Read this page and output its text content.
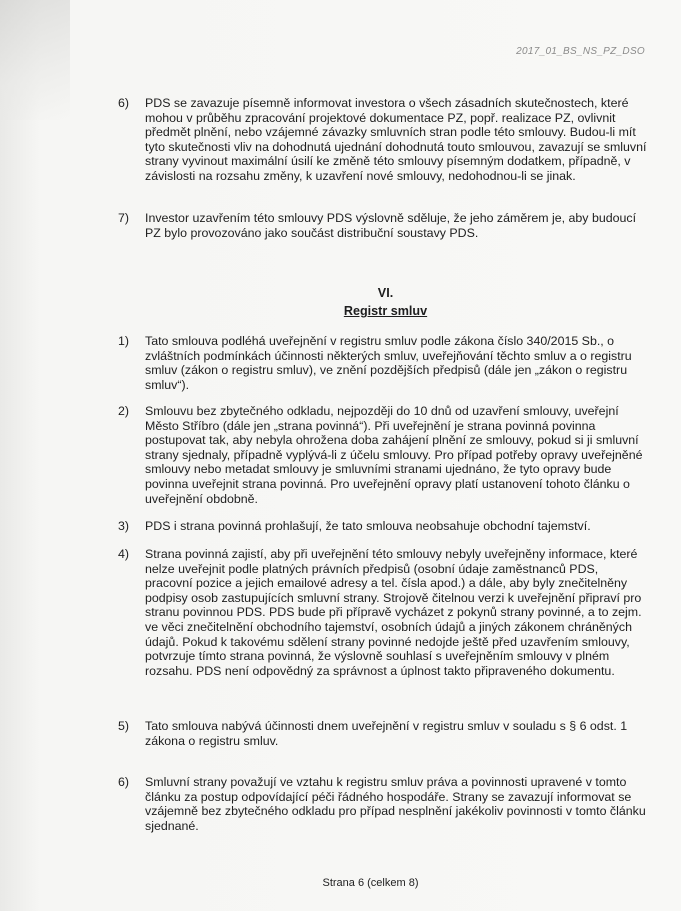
2017_01_BS_NS_PZ_DSO
6)	PDS se zavazuje písemně informovat investora o všech zásadních skutečnostech, které mohou v průběhu zpracování projektové dokumentace PZ, popř. realizace PZ, ovlivnit předmět plnění, nebo vzájemné závazky smluvních stran podle této smlouvy. Budou-li mít tyto skutečnosti vliv na dohodnutá ujednání dohodnutá touto smlouvou, zavazují se smluvní strany vyvinout maximální úsilí ke změně této smlouvy písemným dodatkem, případně, v závislosti na rozsahu změny, k uzavření nové smlouvy, nedohodnou-li se jinak.
7)	Investor uzavřením této smlouvy PDS výslovně sděluje, že jeho záměrem je, aby budoucí PZ bylo provozováno jako součást distribuční soustavy PDS.
VI.
Registr smluv
1)	Tato smlouva podléhá uveřejnění v registru smluv podle zákona číslo 340/2015 Sb., o zvláštních podmínkách účinnosti některých smluv, uveřejňování těchto smluv a o registru smluv (zákon o registru smluv), ve znění pozdějších předpisů (dále jen „zákon o registru smluv“).
2)	Smlouvu bez zbytečného odkladu, nejpozději do 10 dnů od uzavření smlouvy, uveřejní Město Stříbro (dále jen „strana povinná“). Při uveřejnění je strana povinná povinna postupovat tak, aby nebyla ohrožena doba zahájení plnění ze smlouvy, pokud si ji smluvní strany sjednaly, případně vyplývá-li z účelu smlouvy. Pro případ potřeby opravy uveřejněné smlouvy nebo metadat smlouvy je smluvními stranami ujednáno, že tyto opravy bude povinna uveřejnit strana povinná. Pro uveřejnění opravy platí ustanovení tohoto článku o uveřejnění obdobně.
3)	PDS i strana povinná prohlašují, že tato smlouva neobsahuje obchodní tajemství.
4)	Strana povinná zajistí, aby při uveřejnění této smlouvy nebyly uveřejněny informace, které nelze uveřejnit podle platných právních předpisů (osobní údaje zaměstnanců PDS, pracovní pozice a jejich emailové adresy a tel. čísla apod.) a dále, aby byly znečitelněny podpisy osob zastupujících smluvní strany. Strojově čitelnou verzi k uveřejnění připraví pro stranu povinnou PDS. PDS bude při přípravě vycházet z pokynů strany povinné, a to zejm. ve věci znečitelnění obchodního tajemství, osobních údajů a jiných zákonem chráněných údajů. Pokud k takovému sdělení strany povinné nedojde ještě před uzavřením smlouvy, potvrzuje tímto strana povinná, že výslovně souhlasí s uveřejněním smlouvy v plném rozsahu. PDS není odpovědný za správnost a úplnost takto připraveného dokumentu.
5)	Tato smlouva nabývá účinnosti dnem uveřejnění v registru smluv v souladu s § 6 odst. 1 zákona o registru smluv.
6)	Smluvní strany považují ve vztahu k registru smluv práva a povinnosti upravené v tomto článku za postup odpovídající péči řádného hospodáře. Strany se zavazují informovat se vzájemně bez zbytečného odkladu pro případ nesplnění jakékoliv povinnosti v tomto článku sjednané.
Strana 6 (celkem 8)
